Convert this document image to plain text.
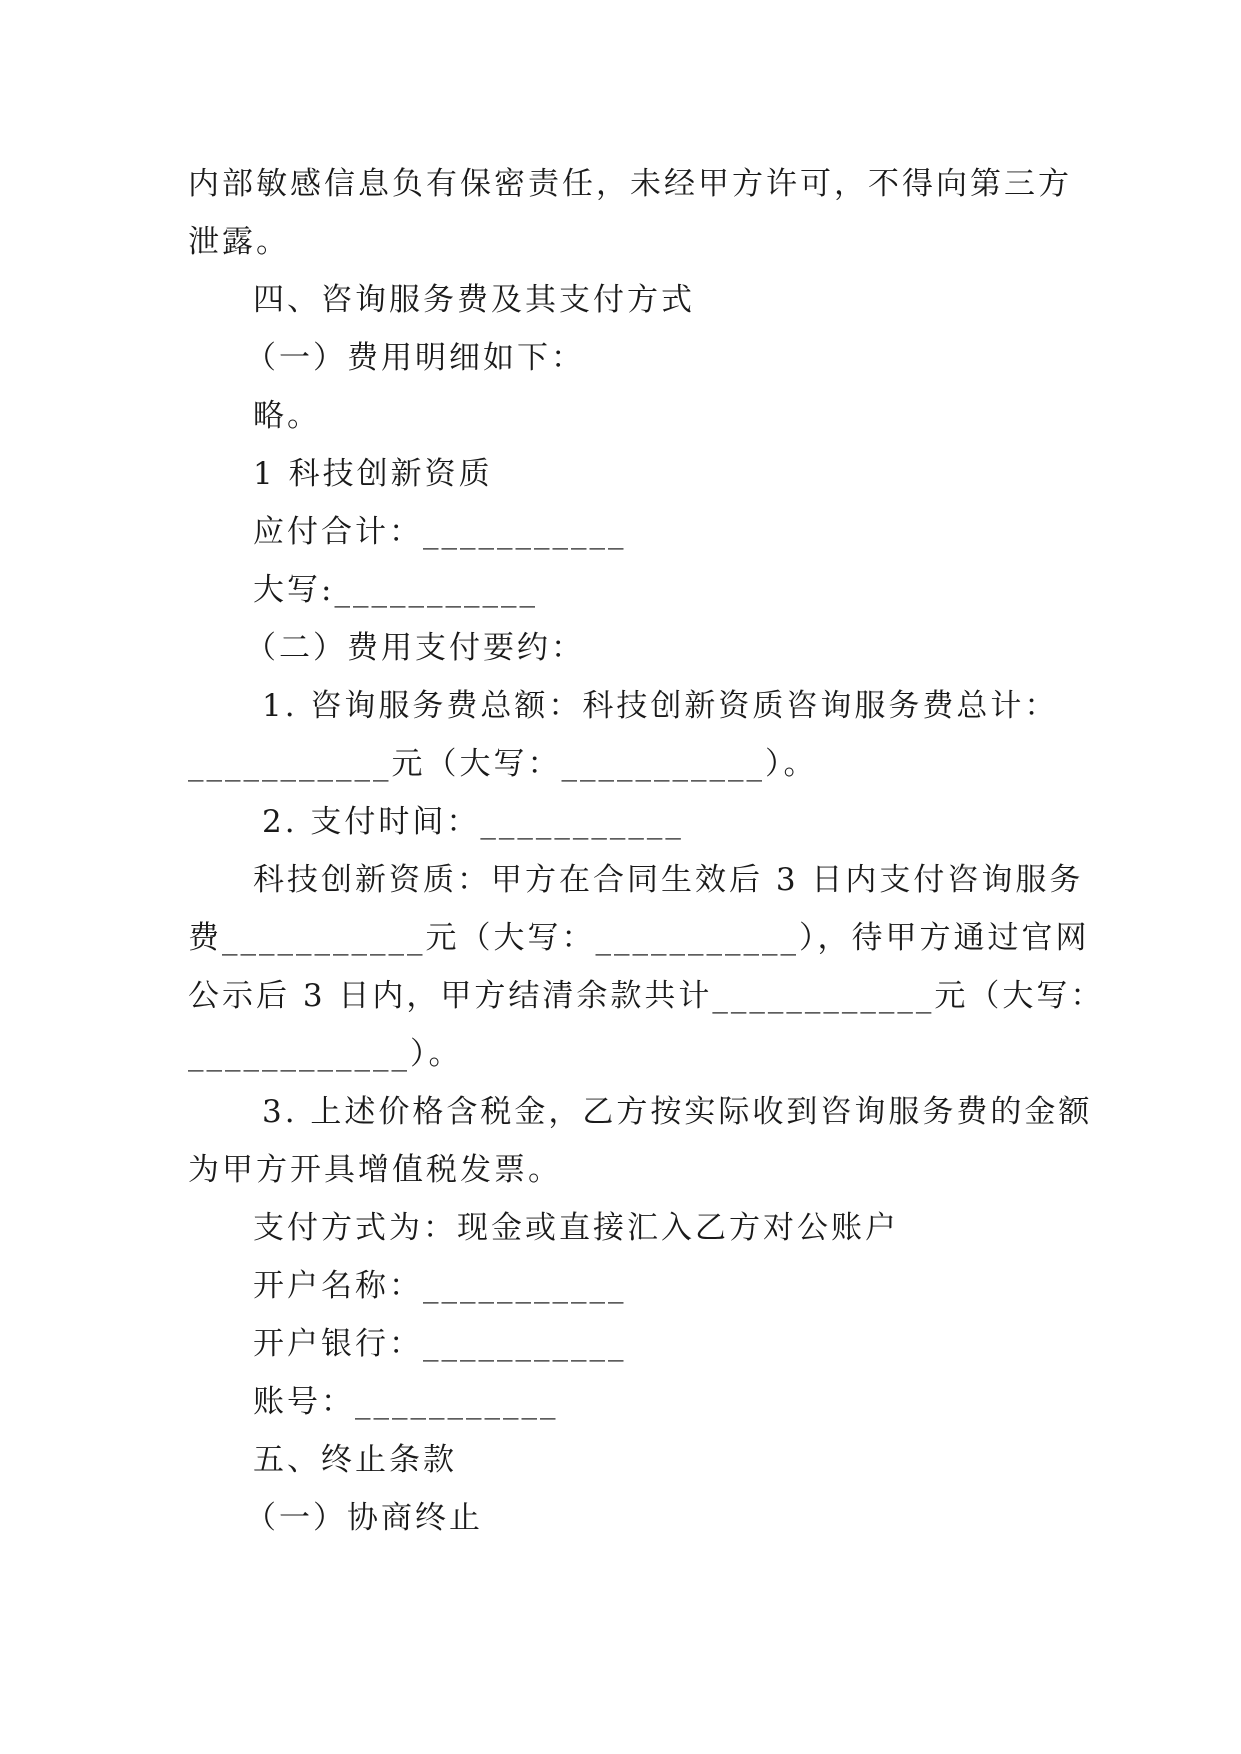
内部敏感信息负有保密责任，未经甲方许可，不得向第三方
泄露。
四、咨询服务费及其支付方式
（一）费用明细如下：
略。
1 科技创新资质
应付合计：___________
大写:___________
（二）费用支付要约：
1. 咨询服务费总额：科技创新资质咨询服务费总计：
___________元（大写：___________）。
2. 支付时间：___________
科技创新资质：甲方在合同生效后 3 日内支付咨询服务
费___________元（大写：___________），待甲方通过官网
公示后 3 日内，甲方结清余款共计____________元（大写：
____________）。
3. 上述价格含税金，乙方按实际收到咨询服务费的金额
为甲方开具增值税发票。
支付方式为：现金或直接汇入乙方对公账户
开户名称：___________
开户银行：___________
账号：___________
五、终止条款
（一）协商终止
